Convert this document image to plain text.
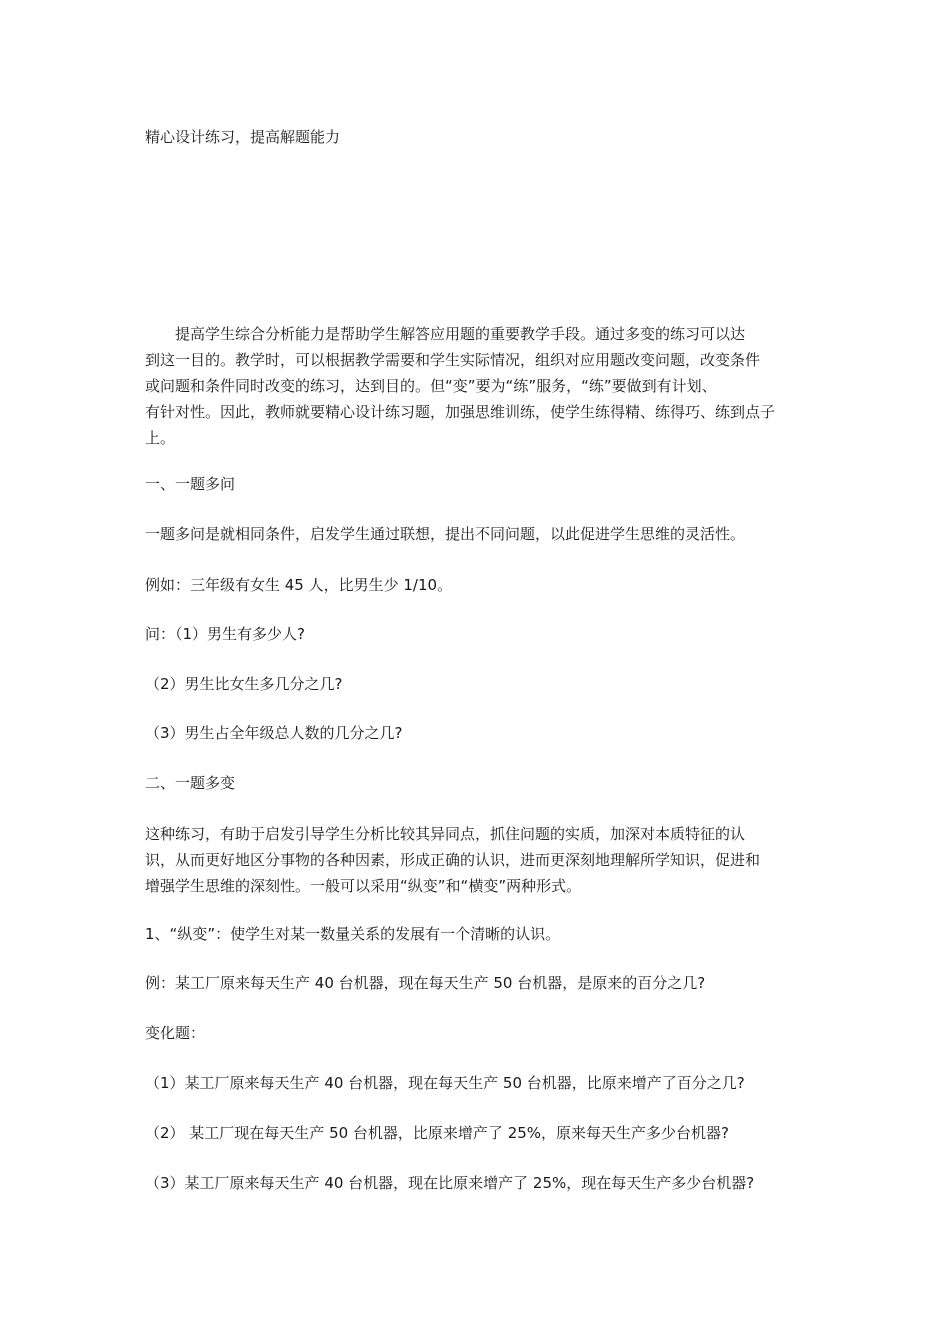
精心设计练习，提高解题能力
提高学生综合分析能力是帮助学生解答应用题的重要教学手段。通过多变的练习可以达
到这一目的。教学时，可以根据教学需要和学生实际情况，组织对应用题改变问题，改变条件
或问题和条件同时改变的练习，达到目的。但“变”要为“练”服务，“练”要做到有计划、
有针对性。因此，教师就要精心设计练习题，加强思维训练，使学生练得精、练得巧、练到点子
上。
一、一题多问
一题多问是就相同条件，启发学生通过联想，提出不同问题，以此促进学生思维的灵活性。
例如：三年级有女生 45 人，比男生少 1/10。
问：（1）男生有多少人?
（2）男生比女生多几分之几?
（3）男生占全年级总人数的几分之几?
二、一题多变
这种练习，有助于启发引导学生分析比较其异同点，抓住问题的实质，加深对本质特征的认
识，从而更好地区分事物的各种因素，形成正确的认识，进而更深刻地理解所学知识，促进和
增强学生思维的深刻性。一般可以采用“纵变”和“横变”两种形式。
1、“纵变”：使学生对某一数量关系的发展有一个清晰的认识。
例：某工厂原来每天生产 40 台机器，现在每天生产 50 台机器，是原来的百分之几?
变化题：
（1）某工厂原来每天生产 40 台机器，现在每天生产 50 台机器，比原来增产了百分之几?
（2） 某工厂现在每天生产 50 台机器，比原来增产了 25%，原来每天生产多少台机器?
（3）某工厂原来每天生产 40 台机器，现在比原来增产了 25%，现在每天生产多少台机器?
